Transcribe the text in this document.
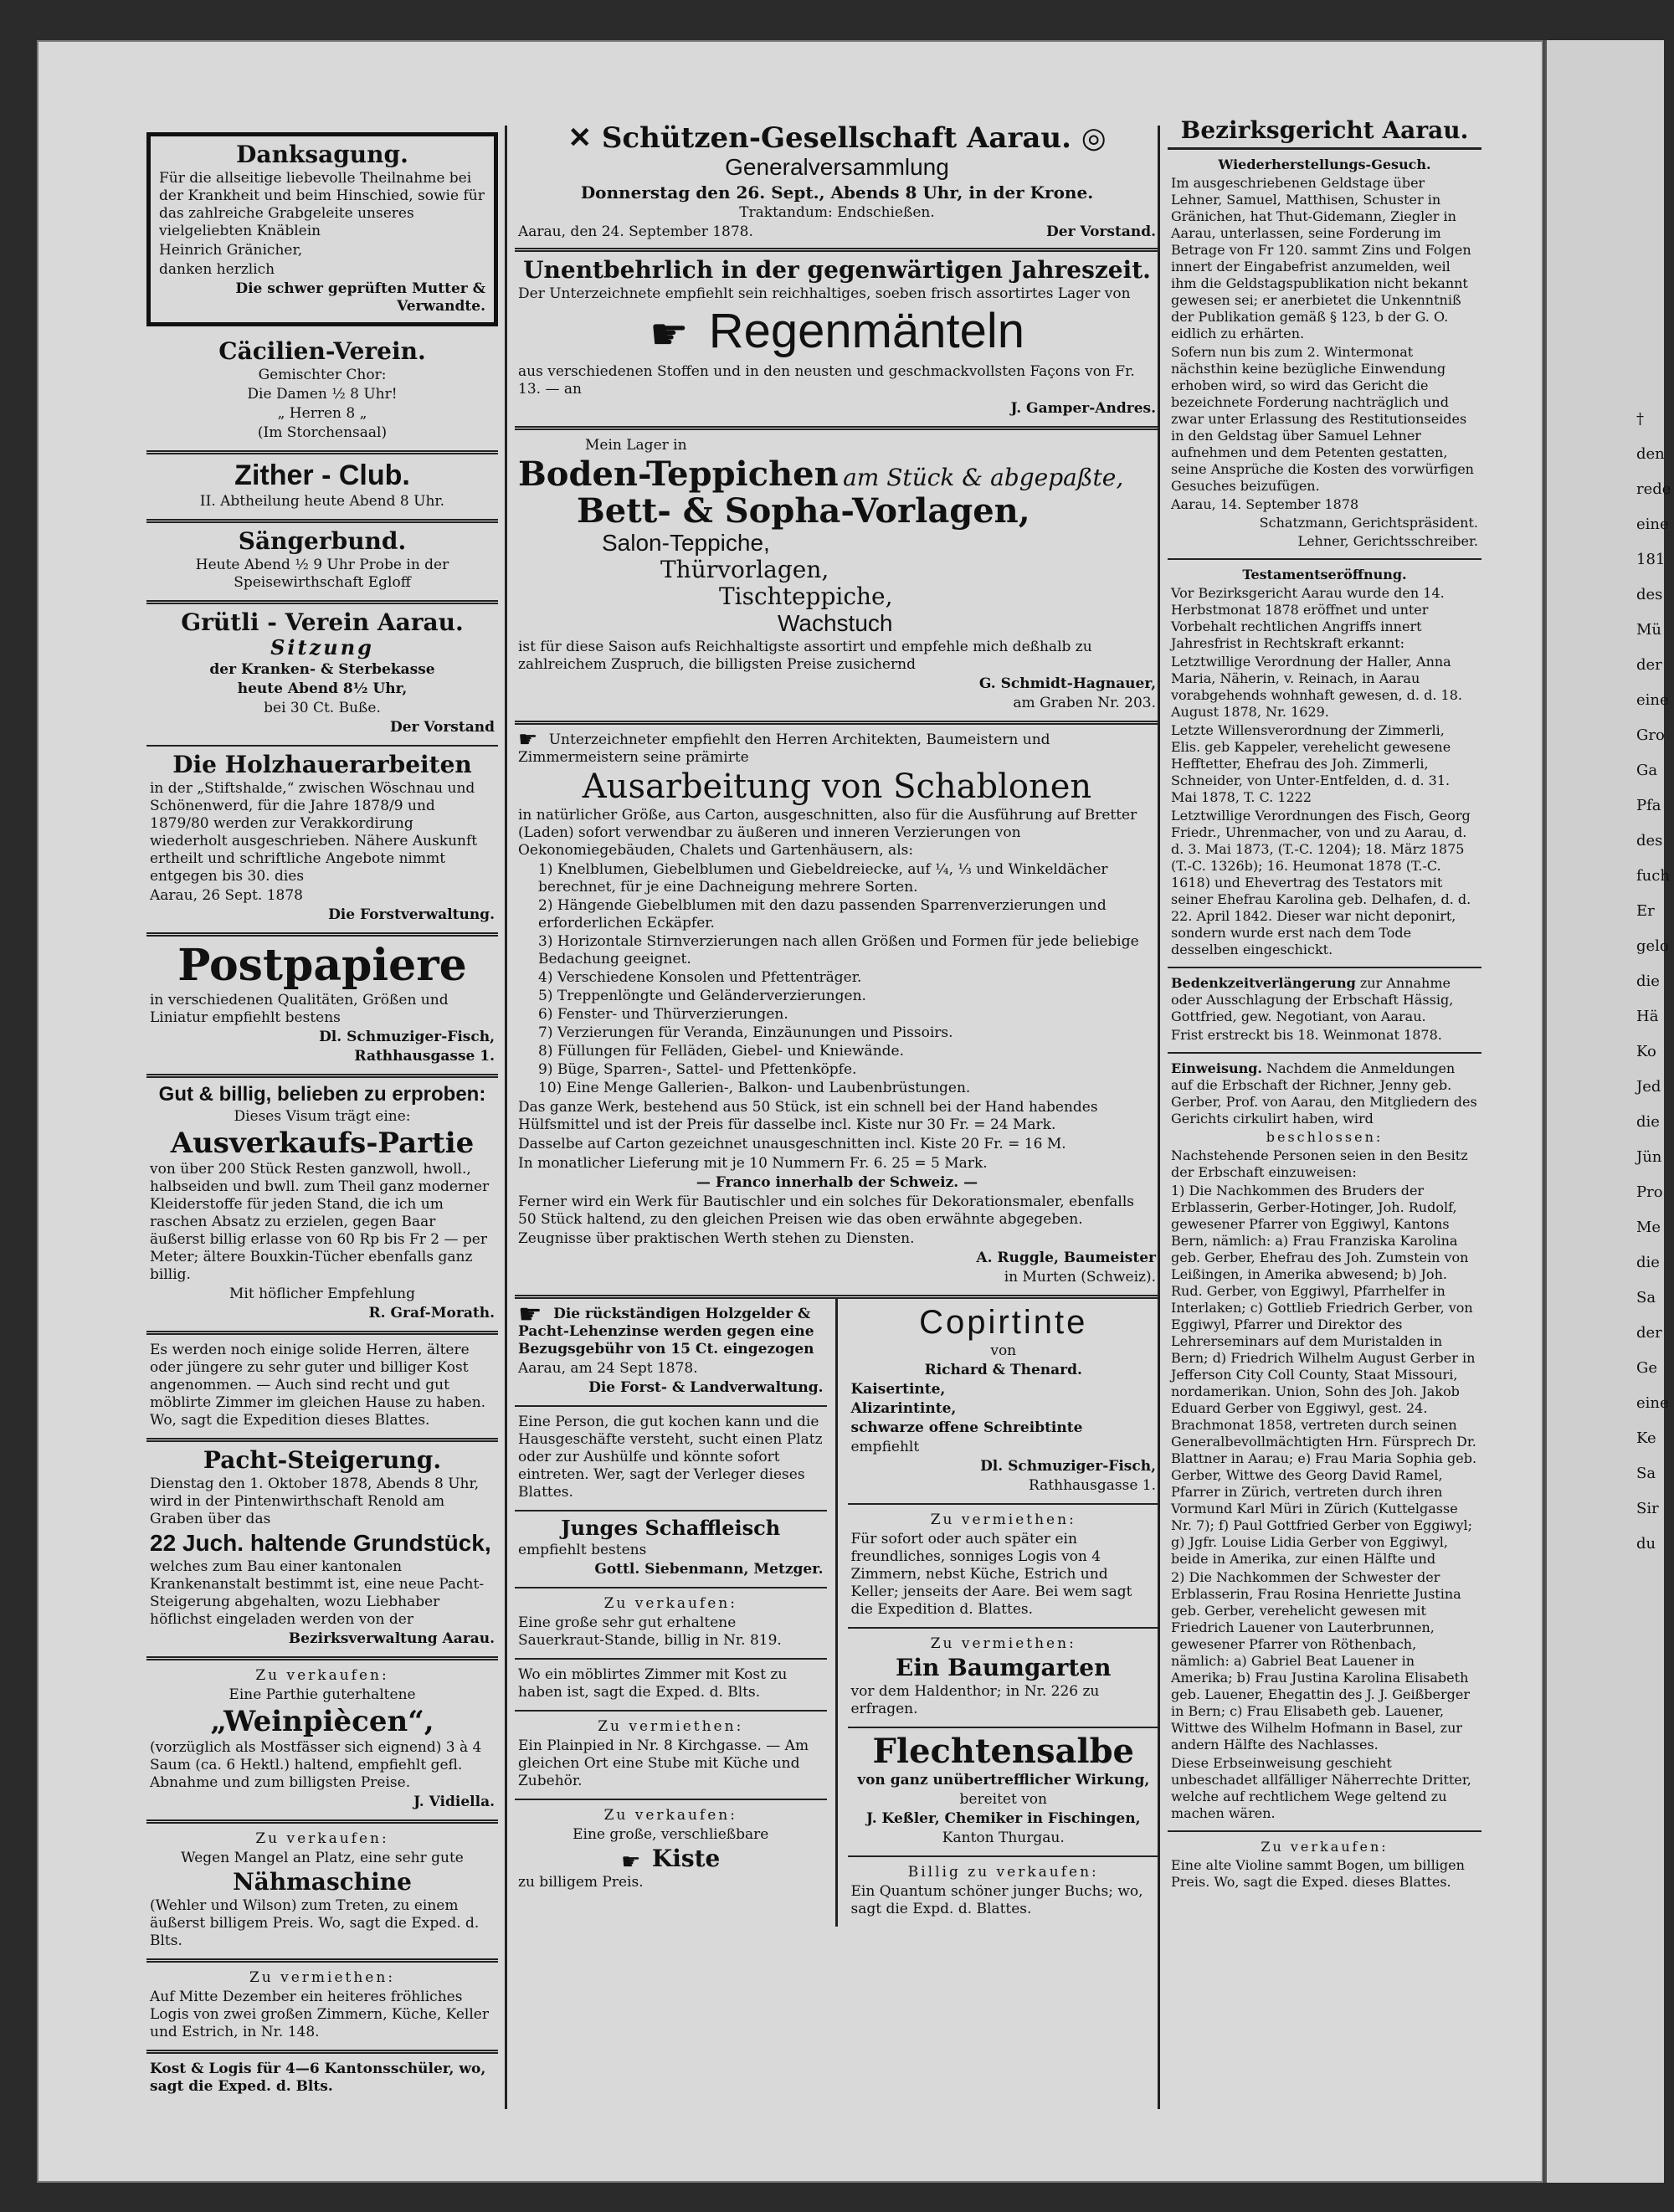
Danksagung.

Für die allseitige liebevolle Theilnahme bei der Krankheit und beim Hinschied, sowie für das zahlreiche Grabgeleite unseres vielgeliebten Knäblein

Heinrich Gränicher,

danken herzlich

Die schwer geprüften Mutter & Verwandte.

Cäcilien-Verein.

Gemischter Chor:

Die Damen ½ 8 Uhr!

„ Herren 8 „

(Im Storchensaal)

Zither - Club.

II. Abtheilung heute Abend 8 Uhr.

Sängerbund.

Heute Abend ½ 9 Uhr Probe in der Speisewirthschaft Egloff

Grütli - Verein Aarau.
Sitzung

der Kranken- & Sterbekasse

heute Abend 8½ Uhr,

bei 30 Ct. Buße.

Der Vorstand

Die Holzhauerarbeiten

in der „Stiftshalde,“ zwischen Wöschnau und Schönenwerd, für die Jahre 1878/9 und 1879/80 werden zur Verakkordirung wiederholt ausgeschrieben. Nähere Auskunft ertheilt und schriftliche Angebote nimmt entgegen bis 30. dies

Aarau, 26 Sept. 1878

Die Forstverwaltung.

Postpapiere

in verschiedenen Qualitäten, Größen und Liniatur empfiehlt bestens

Dl. Schmuziger-Fisch,

Rathhausgasse 1.

Gut & billig, belieben zu erproben:

Dieses Visum trägt eine:

Ausverkaufs-Partie

von über 200 Stück Resten ganzwoll, hwoll., halbseiden und bwll. zum Theil ganz moderner Kleiderstoffe für jeden Stand, die ich um raschen Absatz zu erzielen, gegen Baar äußerst billig erlasse von 60 Rp bis Fr 2 — per Meter; ältere Bouxkin-Tücher ebenfalls ganz billig.

Mit höflicher Empfehlung

R. Graf-Morath.

Es werden noch einige solide Herren, ältere oder jüngere zu sehr guter und billiger Kost angenommen. — Auch sind recht und gut möblirte Zimmer im gleichen Hause zu haben. Wo, sagt die Expedition dieses Blattes.

Pacht-Steigerung.

Dienstag den 1. Oktober 1878, Abends 8 Uhr, wird in der Pintenwirthschaft Renold am Graben über das

22 Juch. haltende Grundstück,

welches zum Bau einer kantonalen Krankenanstalt bestimmt ist, eine neue Pacht-Steigerung abgehalten, wozu Liebhaber höflichst eingeladen werden von der

Bezirksverwaltung Aarau.

Zu verkaufen:

Eine Parthie guterhaltene

„Weinpiècen“,

(vorzüglich als Mostfässer sich eignend) 3 à 4 Saum (ca. 6 Hektl.) haltend, empfiehlt gefl. Abnahme und zum billigsten Preise.

J. Vidiella.

Zu verkaufen:

Wegen Mangel an Platz, eine sehr gute

Nähmaschine

(Wehler und Wilson) zum Treten, zu einem äußerst billigem Preis. Wo, sagt die Exped. d. Blts.

Zu vermiethen:

Auf Mitte Dezember ein heiteres fröhliches Logis von zwei großen Zimmern, Küche, Keller und Estrich, in Nr. 148.

Kost & Logis für 4—6 Kantonsschüler, wo, sagt die Exped. d. Blts.

✕ Schützen-Gesellschaft Aarau. ◎
Generalversammlung

Donnerstag den 26. Sept., Abends 8 Uhr, in der Krone.

Traktandum: Endschießen.

Aarau, den 24. September 1878.	Der Vorstand.
Unentbehrlich in der gegenwärtigen Jahreszeit.

Der Unterzeichnete empfiehlt sein reichhaltiges, soeben frisch assortirtes Lager von

☛ Regenmänteln

aus verschiedenen Stoffen und in den neusten und geschmackvollsten Façons von Fr. 13. — an

J. Gamper-Andres.

Mein Lager in

Boden-Teppichen am Stück & abgepaßte,
Bett- & Sopha-Vorlagen,
Salon-Teppiche,
Thürvorlagen,
Tischteppiche,
Wachstuch

ist für diese Saison aufs Reichhaltigste assortirt und empfehle mich deßhalb zu zahlreichem Zuspruch, die billigsten Preise zusichernd

G. Schmidt-Hagnauer,

am Graben Nr. 203.

☛ Unterzeichneter empfiehlt den Herren Architekten, Baumeistern und Zimmermeistern seine prämirte

Ausarbeitung von Schablonen

in natürlicher Größe, aus Carton, ausgeschnitten, also für die Ausführung auf Bretter (Laden) sofort verwendbar zu äußeren und inneren Verzierungen von Oekonomiegebäuden, Chalets und Gartenhäusern, als:

1) Knelblumen, Giebelblumen und Giebeldreiecke, auf ¼, ⅓ und Winkeldächer berechnet, für je eine Dachneigung mehrere Sorten.

2) Hängende Giebelblumen mit den dazu passenden Sparrenverzierungen und erforderlichen Eckäpfer.

3) Horizontale Stirnverzierungen nach allen Größen und Formen für jede beliebige Bedachung geeignet.

4) Verschiedene Konsolen und Pfettenträger.

5) Treppenlöngte und Geländerverzierungen.

6) Fenster- und Thürverzierungen.

7) Verzierungen für Veranda, Einzäunungen und Pissoirs.

8) Füllungen für Felläden, Giebel- und Kniewände.

9) Büge, Sparren-, Sattel- und Pfettenköpfe.

10) Eine Menge Gallerien-, Balkon- und Laubenbrüstungen.

Das ganze Werk, bestehend aus 50 Stück, ist ein schnell bei der Hand habendes Hülfsmittel und ist der Preis für dasselbe incl. Kiste nur 30 Fr. = 24 Mark.

Dasselbe auf Carton gezeichnet unausgeschnitten incl. Kiste 20 Fr. = 16 M.

In monatlicher Lieferung mit je 10 Nummern Fr. 6. 25 = 5 Mark.

— Franco innerhalb der Schweiz. —

Ferner wird ein Werk für Bautischler und ein solches für Dekorationsmaler, ebenfalls 50 Stück haltend, zu den gleichen Preisen wie das oben erwähnte abgegeben.

Zeugnisse über praktischen Werth stehen zu Diensten.

A. Ruggle, Baumeister

in Murten (Schweiz).

☛ Die rückständigen Holzgelder & Pacht-Lehenzinse werden gegen eine Bezugsgebühr von 15 Ct. eingezogen

Aarau, am 24 Sept 1878.

Die Forst- & Landverwaltung.

Eine Person, die gut kochen kann und die Hausgeschäfte versteht, sucht einen Platz oder zur Aushülfe und könnte sofort eintreten. Wer, sagt der Verleger dieses Blattes.

Junges Schaffleisch

empfiehlt bestens

Gottl. Siebenmann, Metzger.

Zu verkaufen:

Eine große sehr gut erhaltene Sauerkraut-Stande, billig in Nr. 819.

Wo ein möblirtes Zimmer mit Kost zu haben ist, sagt die Exped. d. Blts.

Zu vermiethen:

Ein Plainpied in Nr. 8 Kirchgasse. — Am gleichen Ort eine Stube mit Küche und Zubehör.

Zu verkaufen:

Eine große, verschließbare

☛ Kiste

zu billigem Preis.

Copirtinte

von

Richard & Thenard.

Kaisertinte,

Alizarintinte,

schwarze offene Schreibtinte

empfiehlt

Dl. Schmuziger-Fisch,

Rathhausgasse 1.

Zu vermiethen:

Für sofort oder auch später ein freundliches, sonniges Logis von 4 Zimmern, nebst Küche, Estrich und Keller; jenseits der Aare. Bei wem sagt die Expedition d. Blattes.

Zu vermiethen:

Ein Baumgarten

vor dem Haldenthor; in Nr. 226 zu erfragen.

Flechtensalbe

von ganz unübertrefflicher Wirkung,

bereitet von

J. Keßler, Chemiker in Fischingen,

Kanton Thurgau.

Billig zu verkaufen:

Ein Quantum schöner junger Buchs; wo, sagt die Expd. d. Blattes.

Bezirksgericht Aarau.

Wiederherstellungs-Gesuch.

Im ausgeschriebenen Geldstage über Lehner, Samuel, Matthisen, Schuster in Gränichen, hat Thut-Gidemann, Ziegler in Aarau, unterlassen, seine Forderung im Betrage von Fr 120. sammt Zins und Folgen innert der Eingabefrist anzumelden, weil ihm die Geldstagspublikation nicht bekannt gewesen sei; er anerbietet die Unkenntniß der Publikation gemäß § 123, b der G. O. eidlich zu erhärten.

Sofern nun bis zum 2. Wintermonat nächsthin keine bezügliche Einwendung erhoben wird, so wird das Gericht die bezeichnete Forderung nachträglich und zwar unter Erlassung des Restitutionseides in den Geldstag über Samuel Lehner aufnehmen und dem Petenten gestatten, seine Ansprüche die Kosten des vorwürfigen Gesuches beizufügen.

Aarau, 14. September 1878

Schatzmann, Gerichtspräsident.

Lehner, Gerichtsschreiber.

Testamentseröffnung.

Vor Bezirksgericht Aarau wurde den 14. Herbstmonat 1878 eröffnet und unter Vorbehalt rechtlichen Angriffs innert Jahresfrist in Rechtskraft erkannt:

Letztwillige Verordnung der Haller, Anna Maria, Näherin, v. Reinach, in Aarau vorabgehends wohnhaft gewesen, d. d. 18. August 1878, Nr. 1629.

Letzte Willensverordnung der Zimmerli, Elis. geb Kappeler, verehelicht gewesene Hefftetter, Ehefrau des Joh. Zimmerli, Schneider, von Unter-Entfelden, d. d. 31. Mai 1878, T. C. 1222

Letztwillige Verordnungen des Fisch, Georg Friedr., Uhrenmacher, von und zu Aarau, d. d. 3. Mai 1873, (T.-C. 1204); 18. März 1875 (T.-C. 1326b); 16. Heumonat 1878 (T.-C. 1618) und Ehevertrag des Testators mit seiner Ehefrau Karolina geb. Delhafen, d. d. 22. April 1842. Dieser war nicht deponirt, sondern wurde erst nach dem Tode desselben eingeschickt.

Bedenkzeitverlängerung zur Annahme oder Ausschlagung der Erbschaft Hässig, Gottfried, gew. Negotiant, von Aarau.

Frist erstreckt bis 18. Weinmonat 1878.

Einweisung. Nachdem die Anmeldungen auf die Erbschaft der Richner, Jenny geb. Gerber, Prof. von Aarau, den Mitgliedern des Gerichts cirkulirt haben, wird

beschlossen:

Nachstehende Personen seien in den Besitz der Erbschaft einzuweisen:

1) Die Nachkommen des Bruders der Erblasserin, Gerber-Hotinger, Joh. Rudolf, gewesener Pfarrer von Eggiwyl, Kantons Bern, nämlich: a) Frau Franziska Karolina geb. Gerber, Ehefrau des Joh. Zumstein von Leißingen, in Amerika abwesend; b) Joh. Rud. Gerber, von Eggiwyl, Pfarrhelfer in Interlaken; c) Gottlieb Friedrich Gerber, von Eggiwyl, Pfarrer und Direktor des Lehrerseminars auf dem Muristalden in Bern; d) Friedrich Wilhelm August Gerber in Jefferson City Coll County, Staat Missouri, nordamerikan. Union, Sohn des Joh. Jakob Eduard Gerber von Eggiwyl, gest. 24. Brachmonat 1858, vertreten durch seinen Generalbevollmächtigten Hrn. Fürsprech Dr. Blattner in Aarau; e) Frau Maria Sophia geb. Gerber, Wittwe des Georg David Ramel, Pfarrer in Zürich, vertreten durch ihren Vormund Karl Müri in Zürich (Kuttelgasse Nr. 7); f) Paul Gottfried Gerber von Eggiwyl; g) Jgfr. Louise Lidia Gerber von Eggiwyl, beide in Amerika, zur einen Hälfte und

2) Die Nachkommen der Schwester der Erblasserin, Frau Rosina Henriette Justina geb. Gerber, verehelicht gewesen mit Friedrich Lauener von Lauterbrunnen, gewesener Pfarrer von Röthenbach, nämlich: a) Gabriel Beat Lauener in Amerika; b) Frau Justina Karolina Elisabeth geb. Lauener, Ehegattin des J. J. Geißberger in Bern; c) Frau Elisabeth geb. Lauener, Wittwe des Wilhelm Hofmann in Basel, zur andern Hälfte des Nachlasses.

Diese Erbseinweisung geschieht unbeschadet allfälliger Näherrechte Dritter, welche auf rechtlichem Wege geltend zu machen wären.

Zu verkaufen:

Eine alte Violine sammt Bogen, um billigen Preis. Wo, sagt die Exped. dieses Blattes.

†
den
rede
eine
181
des
Mü
der
eine
Gro
Ga
Pfa
des
fuch
Er
gelo
die
Hä
Ko
Jed
die
Jün
Pro
Me
die
Sa
der
Ge
eine
Ke
Sa
Sir
du
